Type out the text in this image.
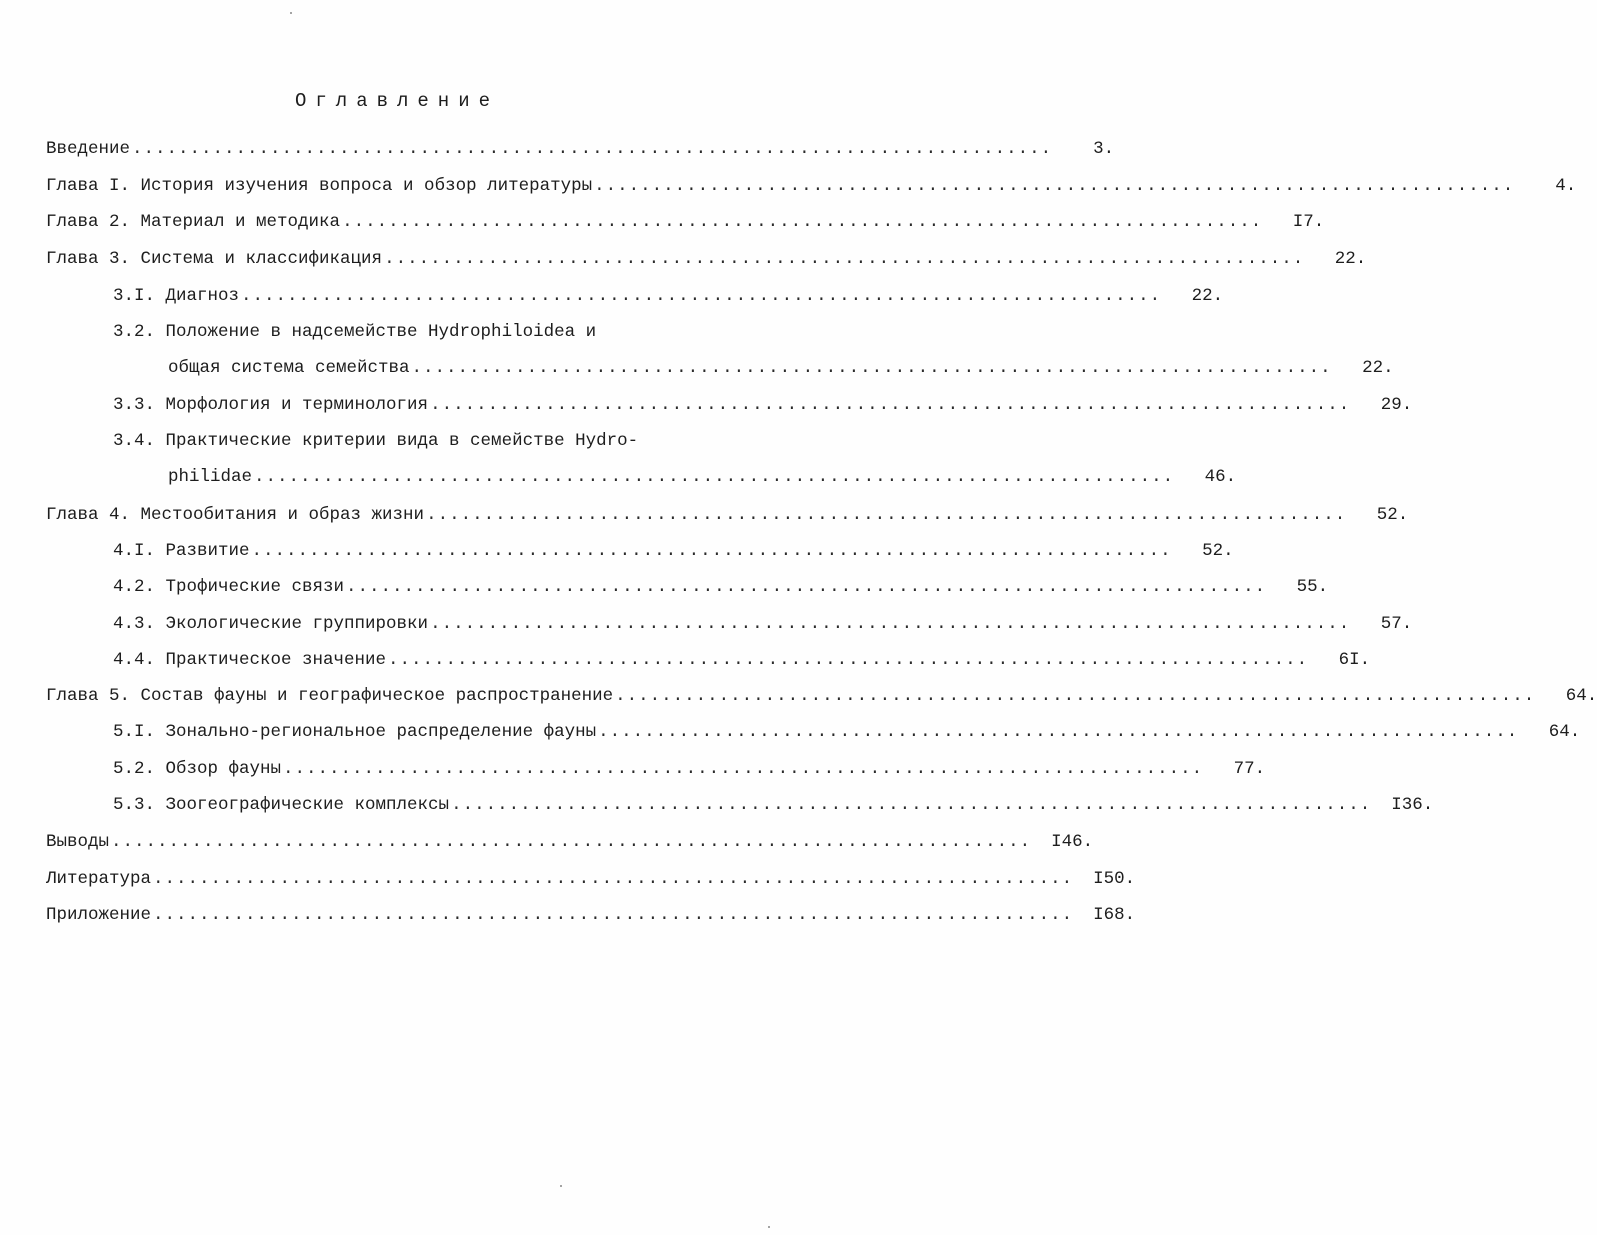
Оглавление
Введение ................................................................................	3.
Глава I. История изучения вопроса и обзор литературы ................................................................................	4.
Глава 2. Материал и методика ................................................................................	I7.
Глава 3. Система и классификация ................................................................................	22.
3.I. Диагноз ................................................................................	22.
3.2. Положение в надсемействе Hydrophiloidea и
общая система семейства ................................................................................	22.
3.3. Морфология и терминология ................................................................................	29.
3.4. Практические критерии вида в семействе Hydro-
philidae ................................................................................	46.
Глава 4. Местообитания и образ жизни ................................................................................	52.
4.I. Развитие ................................................................................	52.
4.2. Трофические связи ................................................................................	55.
4.3. Экологические группировки ................................................................................	57.
4.4. Практическое значение ................................................................................	6I.
Глава 5. Состав фауны и географическое распространение ................................................................................	64.
5.I. Зонально-региональное распределение фауны ................................................................................	64.
5.2. Обзор фауны ................................................................................	77.
5.3. Зоогеографические комплексы ................................................................................	I36.
Выводы ................................................................................	I46.
Литература ................................................................................	I50.
Приложение ................................................................................	I68.
